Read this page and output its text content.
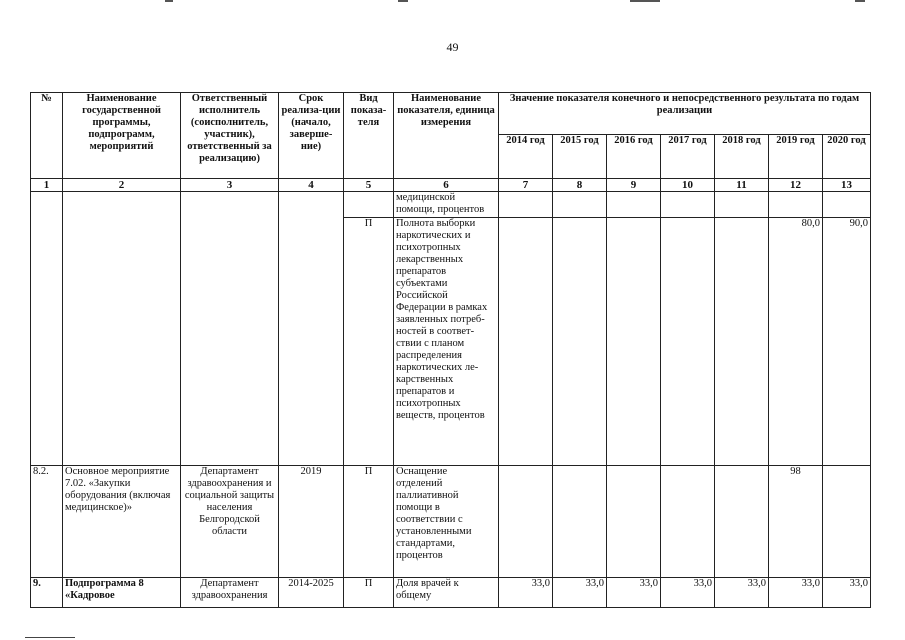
49
№	Наименование государственной программы, подпрограмм, мероприятий	Ответственный исполнитель (соисполнитель, участник), ответственный за реализацию)	Срок реализа-ции (начало, заверше-ние)	Вид показа-теля	Наименование показателя, единица измерения	Значение показателя конечного и непосредственного результата по годам реализации						
						2014 год	2015 год	2016 год	2017 год	2018 год	2019 год	2020 год
1	2	3	4	5	6	7	8	9	10	11	12	13
					медицинской помощи, процентов							
				П	Полнота выборки наркотических и психотропных лекарственных препаратов субъектами Российской Федерации в рамках заявленных потреб-ностей в соответ-ствии с планом распределения наркотических ле-карственных препаратов и психотропных веществ, процентов						80,0	90,0
8.2.	Основное мероприятие 7.02. «Закупки оборудования (включая медицинское)»	Департамент здравоохранения и социальной защиты населения Белгородской области	2019	П	Оснащение отделений паллиативной помощи в соответствии с установленными стандартами, процентов						98	
9.	Подпрограмма 8 «Кадровое	Департамент здравоохранения	2014-2025	П	Доля врачей к общему	33,0	33,0	33,0	33,0	33,0	33,0	33,0
